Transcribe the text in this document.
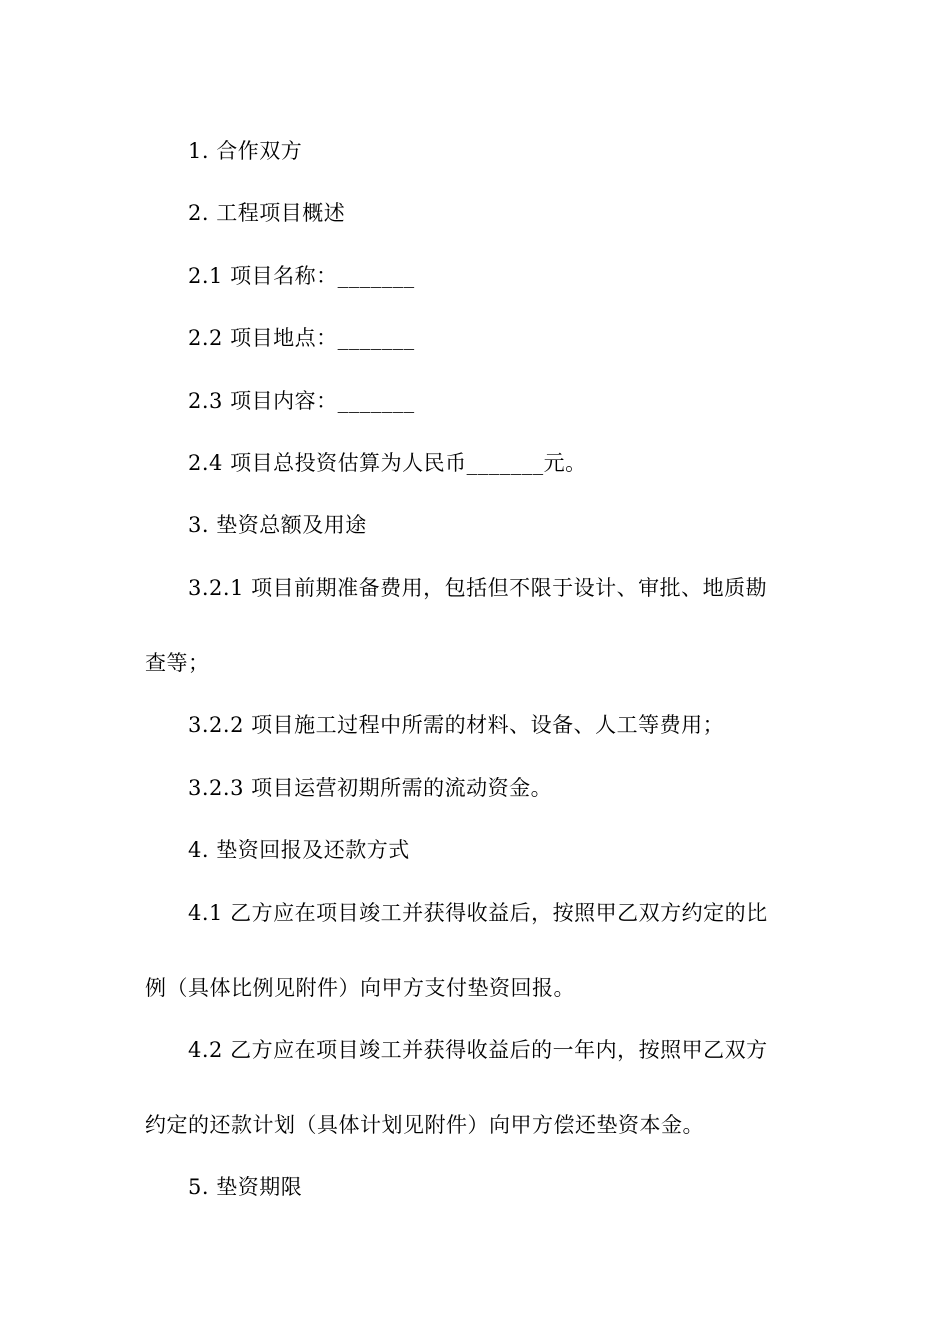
1. 合作双方
2. 工程项目概述
2.1 项目名称：_______
2.2 项目地点：_______
2.3 项目内容：_______
2.4 项目总投资估算为人民币_______元。
3. 垫资总额及用途
3.2.1 项目前期准备费用，包括但不限于设计、审批、地质勘
查等；
3.2.2 项目施工过程中所需的材料、设备、人工等费用；
3.2.3 项目运营初期所需的流动资金。
4. 垫资回报及还款方式
4.1 乙方应在项目竣工并获得收益后，按照甲乙双方约定的比
例（具体比例见附件）向甲方支付垫资回报。
4.2 乙方应在项目竣工并获得收益后的一年内，按照甲乙双方
约定的还款计划（具体计划见附件）向甲方偿还垫资本金。
5. 垫资期限
